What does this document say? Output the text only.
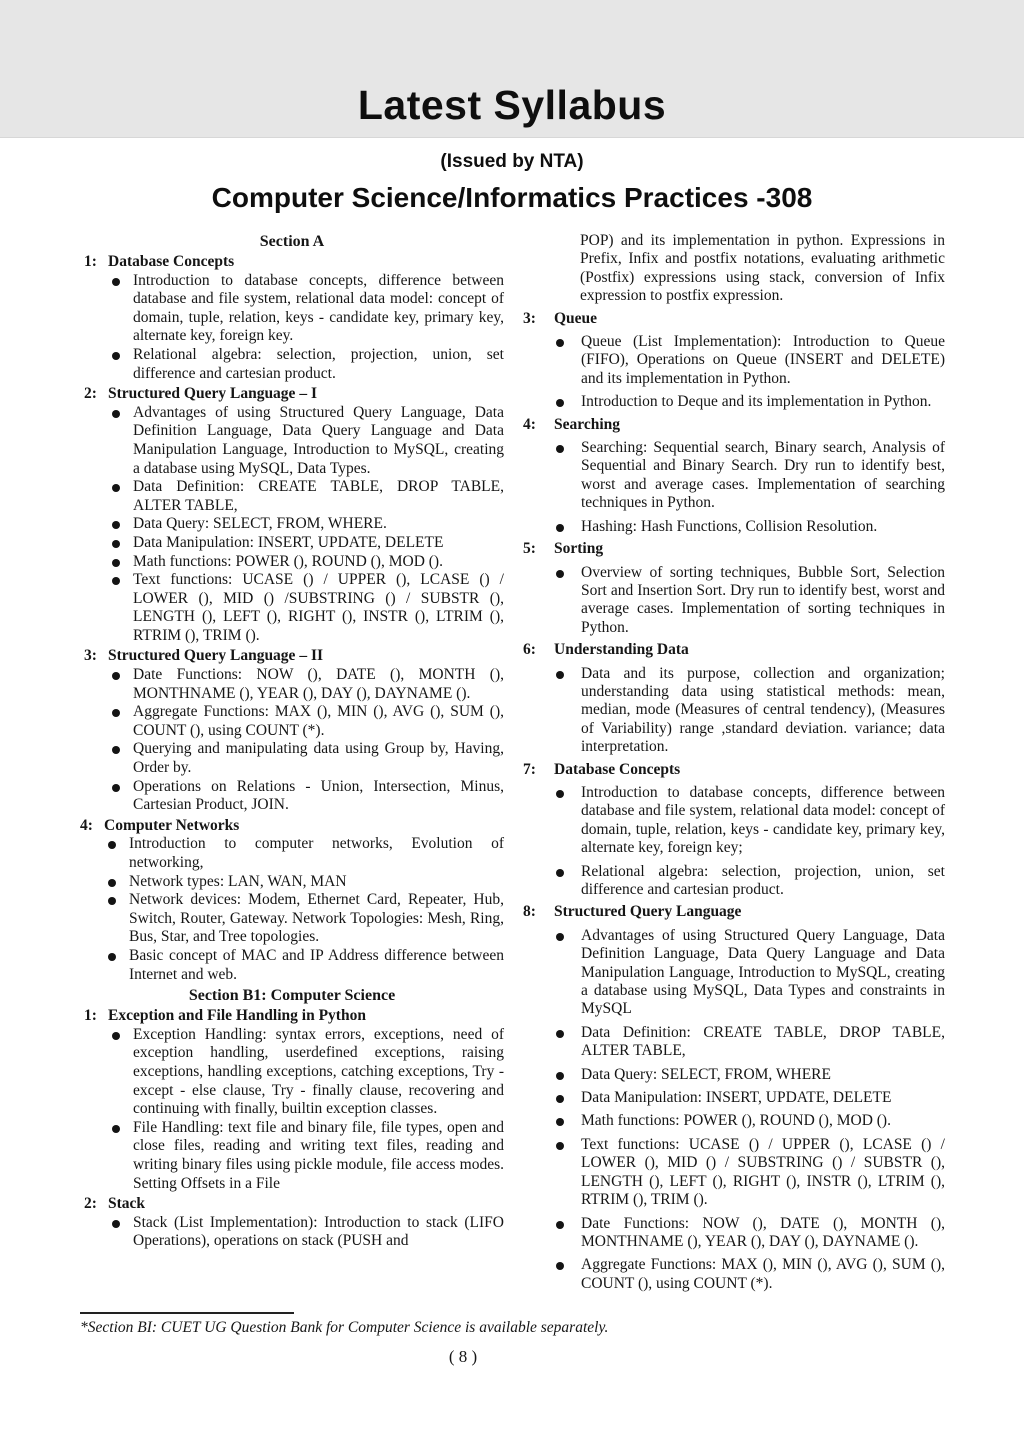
Latest Syllabus
(Issued by NTA)
Computer Science/Informatics Practices -308
Section A
1: Database Concepts

Introduction to database concepts, difference between database and file system, relational data model: concept of domain, tuple, relation, keys - candidate key, primary key, alternate key, foreign key.

Relational algebra: selection, projection, union, set difference and cartesian product.

2: Structured Query Language – I

Advantages of using Structured Query Language, Data Definition Language, Data Query Language and Data Manipulation Language, Introduction to MySQL, creating a database using MySQL, Data Types.

Data Definition: CREATE TABLE, DROP TABLE, ALTER TABLE,

Data Query: SELECT, FROM, WHERE.

Data Manipulation: INSERT, UPDATE, DELETE

Math functions: POWER (), ROUND (), MOD ().

Text functions: UCASE () / UPPER (), LCASE () / LOWER (), MID () /SUBSTRING () / SUBSTR (), LENGTH (), LEFT (), RIGHT (), INSTR (), LTRIM (), RTRIM (), TRIM ().

3: Structured Query Language – II

Date Functions: NOW (), DATE (), MONTH (), MONTHNAME (), YEAR (), DAY (), DAYNAME ().

Aggregate Functions: MAX (), MIN (), AVG (), SUM (), COUNT (), using COUNT (*).

Querying and manipulating data using Group by, Having, Order by.

Operations on Relations - Union, Intersection, Minus, Cartesian Product, JOIN.

4: Computer Networks

Introduction to computer networks, Evolution of networking,

Network types: LAN, WAN, MAN

Network devices: Modem, Ethernet Card, Repeater, Hub, Switch, Router, Gateway. Network Topologies: Mesh, Ring, Bus, Star, and Tree topologies.

Basic concept of MAC and IP Address difference between Internet and web.

Section B1: Computer Science
1: Exception and File Handling in Python

Exception Handling: syntax errors, exceptions, need of exception handling, userdefined exceptions, raising exceptions, handling exceptions, catching exceptions, Try - except - else clause, Try - finally clause, recovering and continuing with finally, builtin exception classes.

File Handling: text file and binary file, file types, open and close files, reading and writing text files, reading and writing binary files using pickle module, file access modes. Setting Offsets in a File

2: Stack

Stack (List Implementation): Introduction to stack (LIFO Operations), operations on stack (PUSH and

POP) and its implementation in python. Expressions in Prefix, Infix and postfix notations, evaluating arithmetic (Postfix) expressions using stack, conversion of Infix expression to postfix expression.

3: Queue

Queue (List Implementation): Introduction to Queue (FIFO), Operations on Queue (INSERT and DELETE) and its implementation in Python.

Introduction to Deque and its implementation in Python.

4: Searching

Searching: Sequential search, Binary search, Analysis of Sequential and Binary Search. Dry run to identify best, worst and average cases. Implementation of searching techniques in Python.

Hashing: Hash Functions, Collision Resolution.

5: Sorting

Overview of sorting techniques, Bubble Sort, Selection Sort and Insertion Sort. Dry run to identify best, worst and average cases. Implementation of sorting techniques in Python.

6: Understanding Data

Data and its purpose, collection and organization; understanding data using statistical methods: mean, median, mode (Measures of central tendency), (Measures of Variability) range ,standard deviation. variance; data interpretation.

7: Database Concepts

Introduction to database concepts, difference between database and file system, relational data model: concept of domain, tuple, relation, keys - candidate key, primary key, alternate key, foreign key;

Relational algebra: selection, projection, union, set difference and cartesian product.

8: Structured Query Language

Advantages of using Structured Query Language, Data Definition Language, Data Query Language and Data Manipulation Language, Introduction to MySQL, creating a database using MySQL, Data Types and constraints in MySQL

Data Definition: CREATE TABLE, DROP TABLE, ALTER TABLE,

Data Query: SELECT, FROM, WHERE

Data Manipulation: INSERT, UPDATE, DELETE

Math functions: POWER (), ROUND (), MOD ().

Text functions: UCASE () / UPPER (), LCASE () / LOWER (), MID () / SUBSTRING () / SUBSTR (), LENGTH (), LEFT (), RIGHT (), INSTR (), LTRIM (), RTRIM (), TRIM ().

Date Functions: NOW (), DATE (), MONTH (), MONTHNAME (), YEAR (), DAY (), DAYNAME ().

Aggregate Functions: MAX (), MIN (), AVG (), SUM (), COUNT (), using COUNT (*).

*Section BI: CUET UG Question Bank for Computer Science is available separately.
( 8 )
